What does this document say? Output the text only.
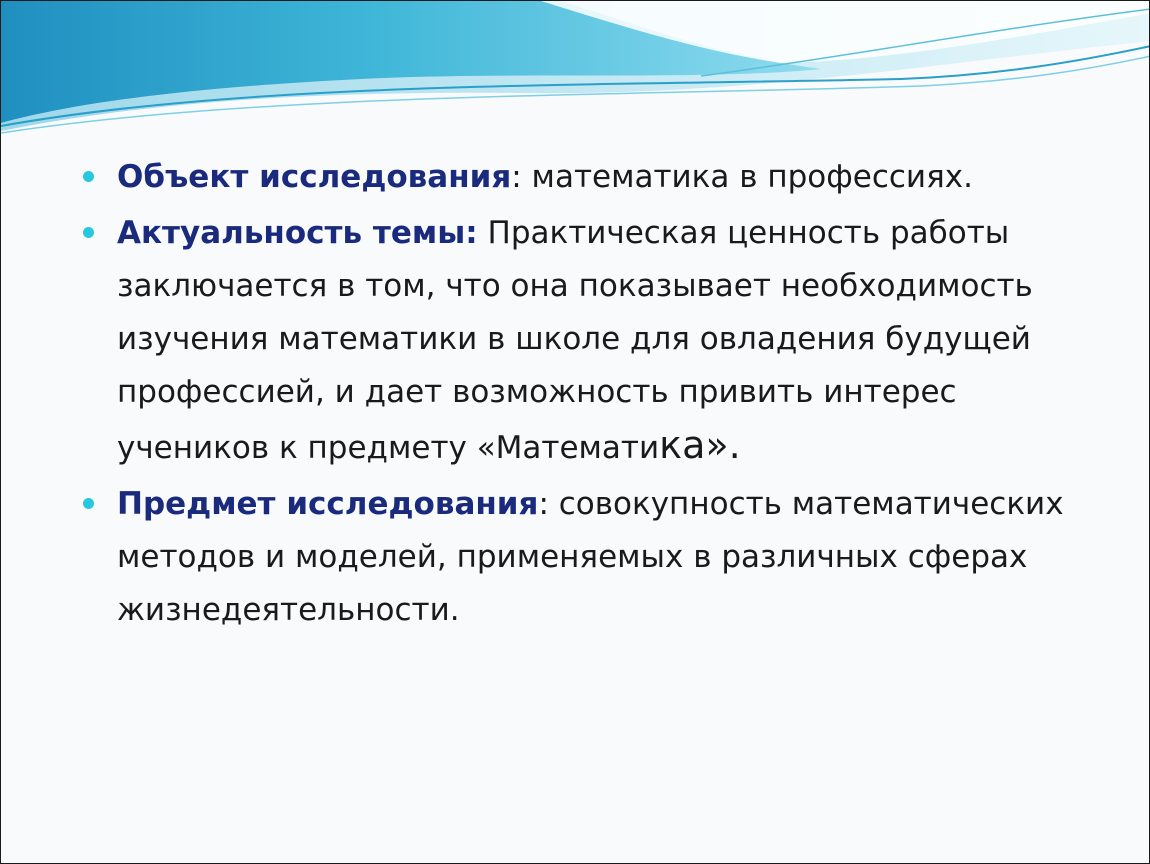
Объект исследования: математика в профессиях.
Актуальность темы: Практическая ценность работы заключается в том, что она показывает необходимость изучения математики в школе для овладения будущей профессией, и дает возможность привить интерес учеников к предмету «Математика».
Предмет исследования: совокупность математических методов и моделей, применяемых в различных сферах жизнедеятельности.
